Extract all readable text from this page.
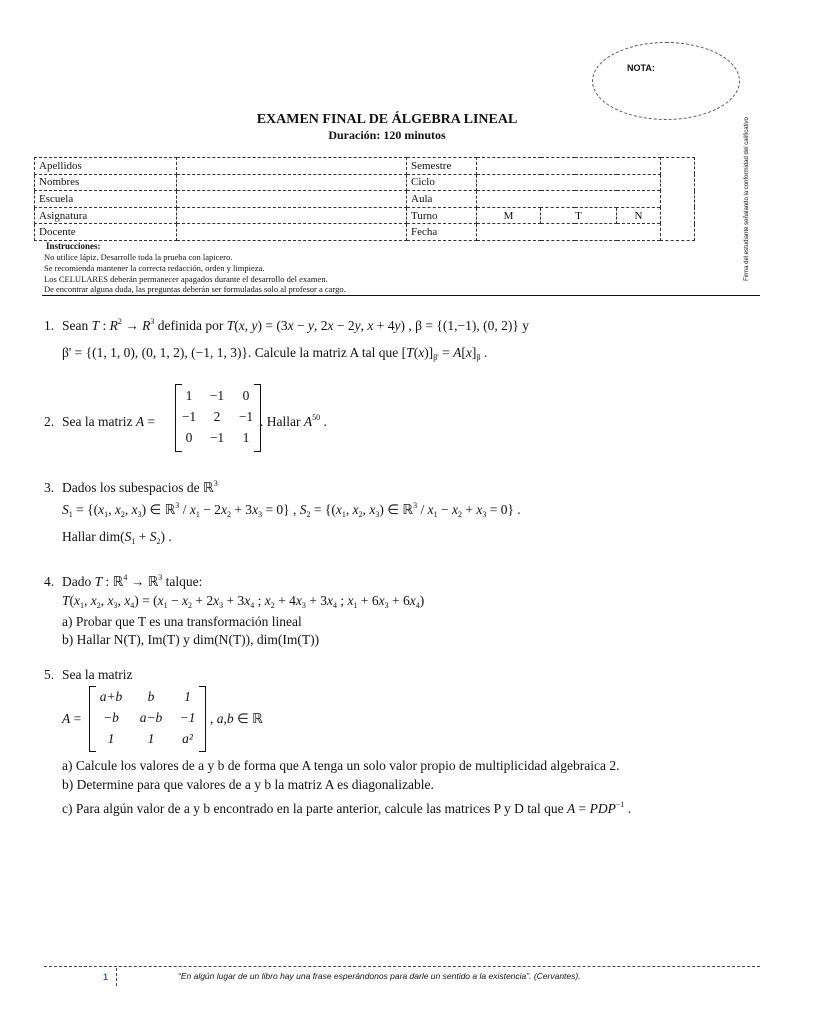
NOTA:
EXAMEN FINAL DE ÁLGEBRA LINEAL
Duración: 120 minutos
Apellidos		Semestre				Firma del estudiante señalando la conformidad del calificativo
Nombres		Ciclo				
Escuela		Aula				
Asignatura		Turno	M	T	N	
Docente		Fecha				
Instrucciones:
No utilice lápiz. Desarrolle toda la prueba con lapicero.
Se recomienda mantener la correcta redacción, orden y limpieza.
Los CELULARES deberán permanecer apagados durante el desarrollo del examen.
De encontrar alguna duda, las preguntas deberán ser formuladas solo al profesor a cargo.
1. Sean T : $R^2 \to R^3$ definida por T(x, y) = (3x − y, 2x − 2y, x + 4y) , β = {(1,−1), (0, 2)} y
β' = {(1, 1, 0), (0, 1, 2), (−1, 1, 3)}. Calcule la matriz A tal que $[T(x)]_{\beta'} = A[x]_\beta$ .
2. Sea la matriz A =
1	−1	0
−1	2	−1
0	−1	1
. Hallar $A^{50}$ .
3. Dados los subespacios de ℝ$^3$
$S_1 = \{(x_1$, $x_2$, $x_3$) ∈ ℝ$^3$ / $x_1 - 2x_2 + 3x_3 = 0$} , $S_2 = \{(x_1$, $x_2$, $x_3$) ∈ ℝ$^3$ / $x_1 - x_2 + x_3 = 0$} .
Hallar $dim(S_1 + S_2)$ .
4. Dado T : ℝ$^4$ → ℝ$^3$ talque:
$T(x_1$, $x_2$, $x_3$, $x_4) = (x_1 - x_2 + 2x_3 + 3x_4$ ; $x_2 + 4x_3 + 3x_4$ ; $x_1 + 6x_3 + 6x_4$)
a) Probar que T es una transformación lineal
b) Hallar N(T), Im(T) y dim(N(T)), dim(Im(T))
5. Sea la matriz
A =
a+b	b	1
−b	a−b	−1
1	1	a²
, a,b ∈ ℝ
a) Calcule los valores de a y b de forma que A tenga un solo valor propio de multiplicidad algebraica 2.
b) Determine para que valores de a y b la matriz A es diagonalizable.
c) Para algún valor de a y b encontrado en la parte anterior, calcule las matrices P y D tal que $A = PDP^{-1}$ .
1	“En algún lugar de un libro hay una frase esperándonos para darle un sentido a la existencia”. (Cervantes).
